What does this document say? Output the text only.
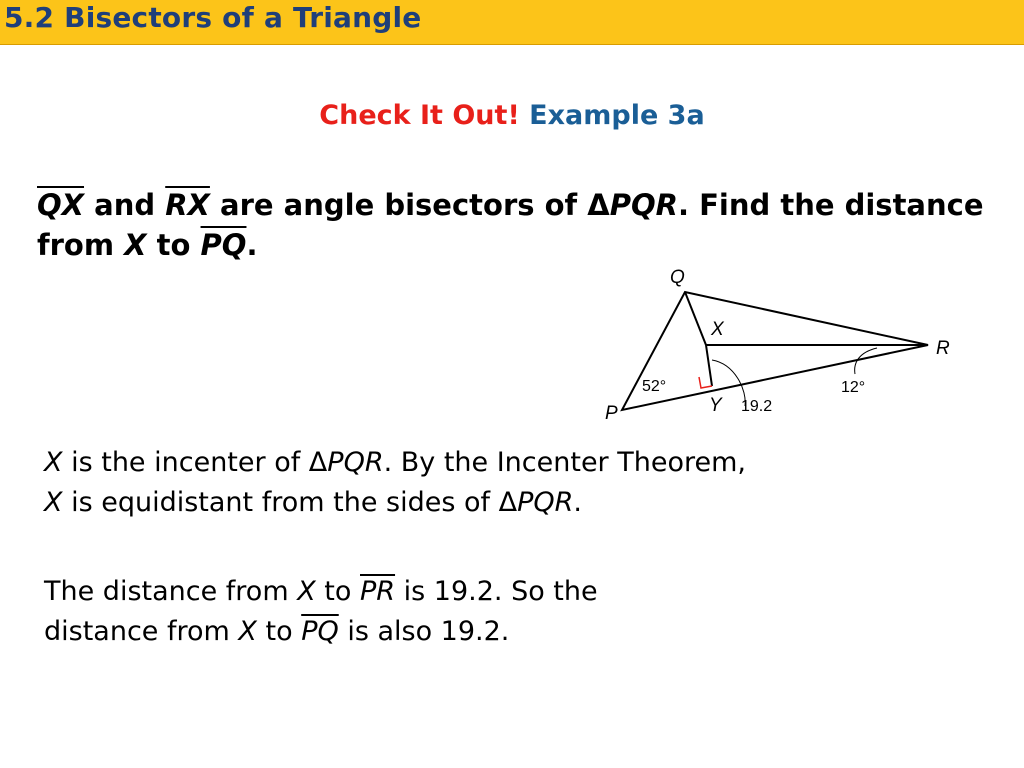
5.2 Bisectors of a Triangle
Check It Out! Example 3a
$\overline{QX}$ and $\overline{RX}$ are angle bisectors of ΔPQR. Find the distance from X to $\overline{PQ}$.
Q
X
R
P	Y
52°	12°
19.2
X is the incenter of ΔPQR. By the Incenter Theorem,
X is equidistant from the sides of ΔPQR.
The distance from X to $\overline{PR}$ is 19.2. So the
distance from X to $\overline{PQ}$ is also 19.2.
